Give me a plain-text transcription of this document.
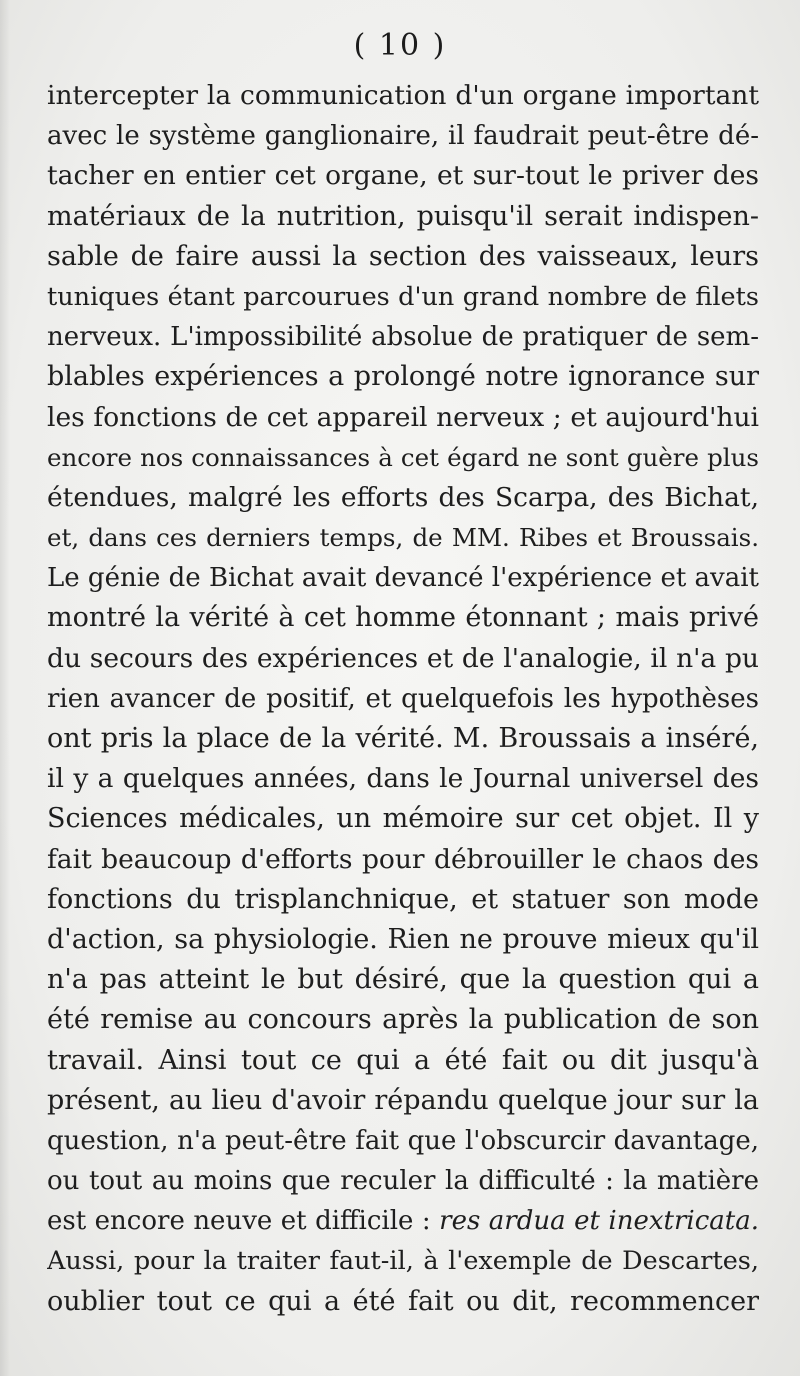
( 10 )
intercepter la communication d'un organe important
avec le système ganglionaire, il faudrait peut-être dé-
tacher en entier cet organe, et sur-tout le priver des
matériaux de la nutrition, puisqu'il serait indispen-
sable de faire aussi la section des vaisseaux, leurs
tuniques étant parcourues d'un grand nombre de filets
nerveux. L'impossibilité absolue de pratiquer de sem-
blables expériences a prolongé notre ignorance sur
les fonctions de cet appareil nerveux ; et aujourd'hui
encore nos connaissances à cet égard ne sont guère plus
étendues, malgré les efforts des Scarpa, des Bichat,
et, dans ces derniers temps, de MM. Ribes et Broussais.
Le génie de Bichat avait devancé l'expérience et avait
montré la vérité à cet homme étonnant ; mais privé
du secours des expériences et de l'analogie, il n'a pu
rien avancer de positif, et quelquefois les hypothèses
ont pris la place de la vérité. M. Broussais a inséré,
il y a quelques années, dans le Journal universel des
Sciences médicales, un mémoire sur cet objet. Il y
fait beaucoup d'efforts pour débrouiller le chaos des
fonctions du trisplanchnique, et statuer son mode
d'action, sa physiologie. Rien ne prouve mieux qu'il
n'a pas atteint le but désiré, que la question qui a
été remise au concours après la publication de son
travail. Ainsi tout ce qui a été fait ou dit jusqu'à
présent, au lieu d'avoir répandu quelque jour sur la
question, n'a peut-être fait que l'obscurcir davantage,
ou tout au moins que reculer la difficulté : la matière
est encore neuve et difficile : res ardua et inextricata.
Aussi, pour la traiter faut-il, à l'exemple de Descartes,
oublier tout ce qui a été fait ou dit, recommencer
